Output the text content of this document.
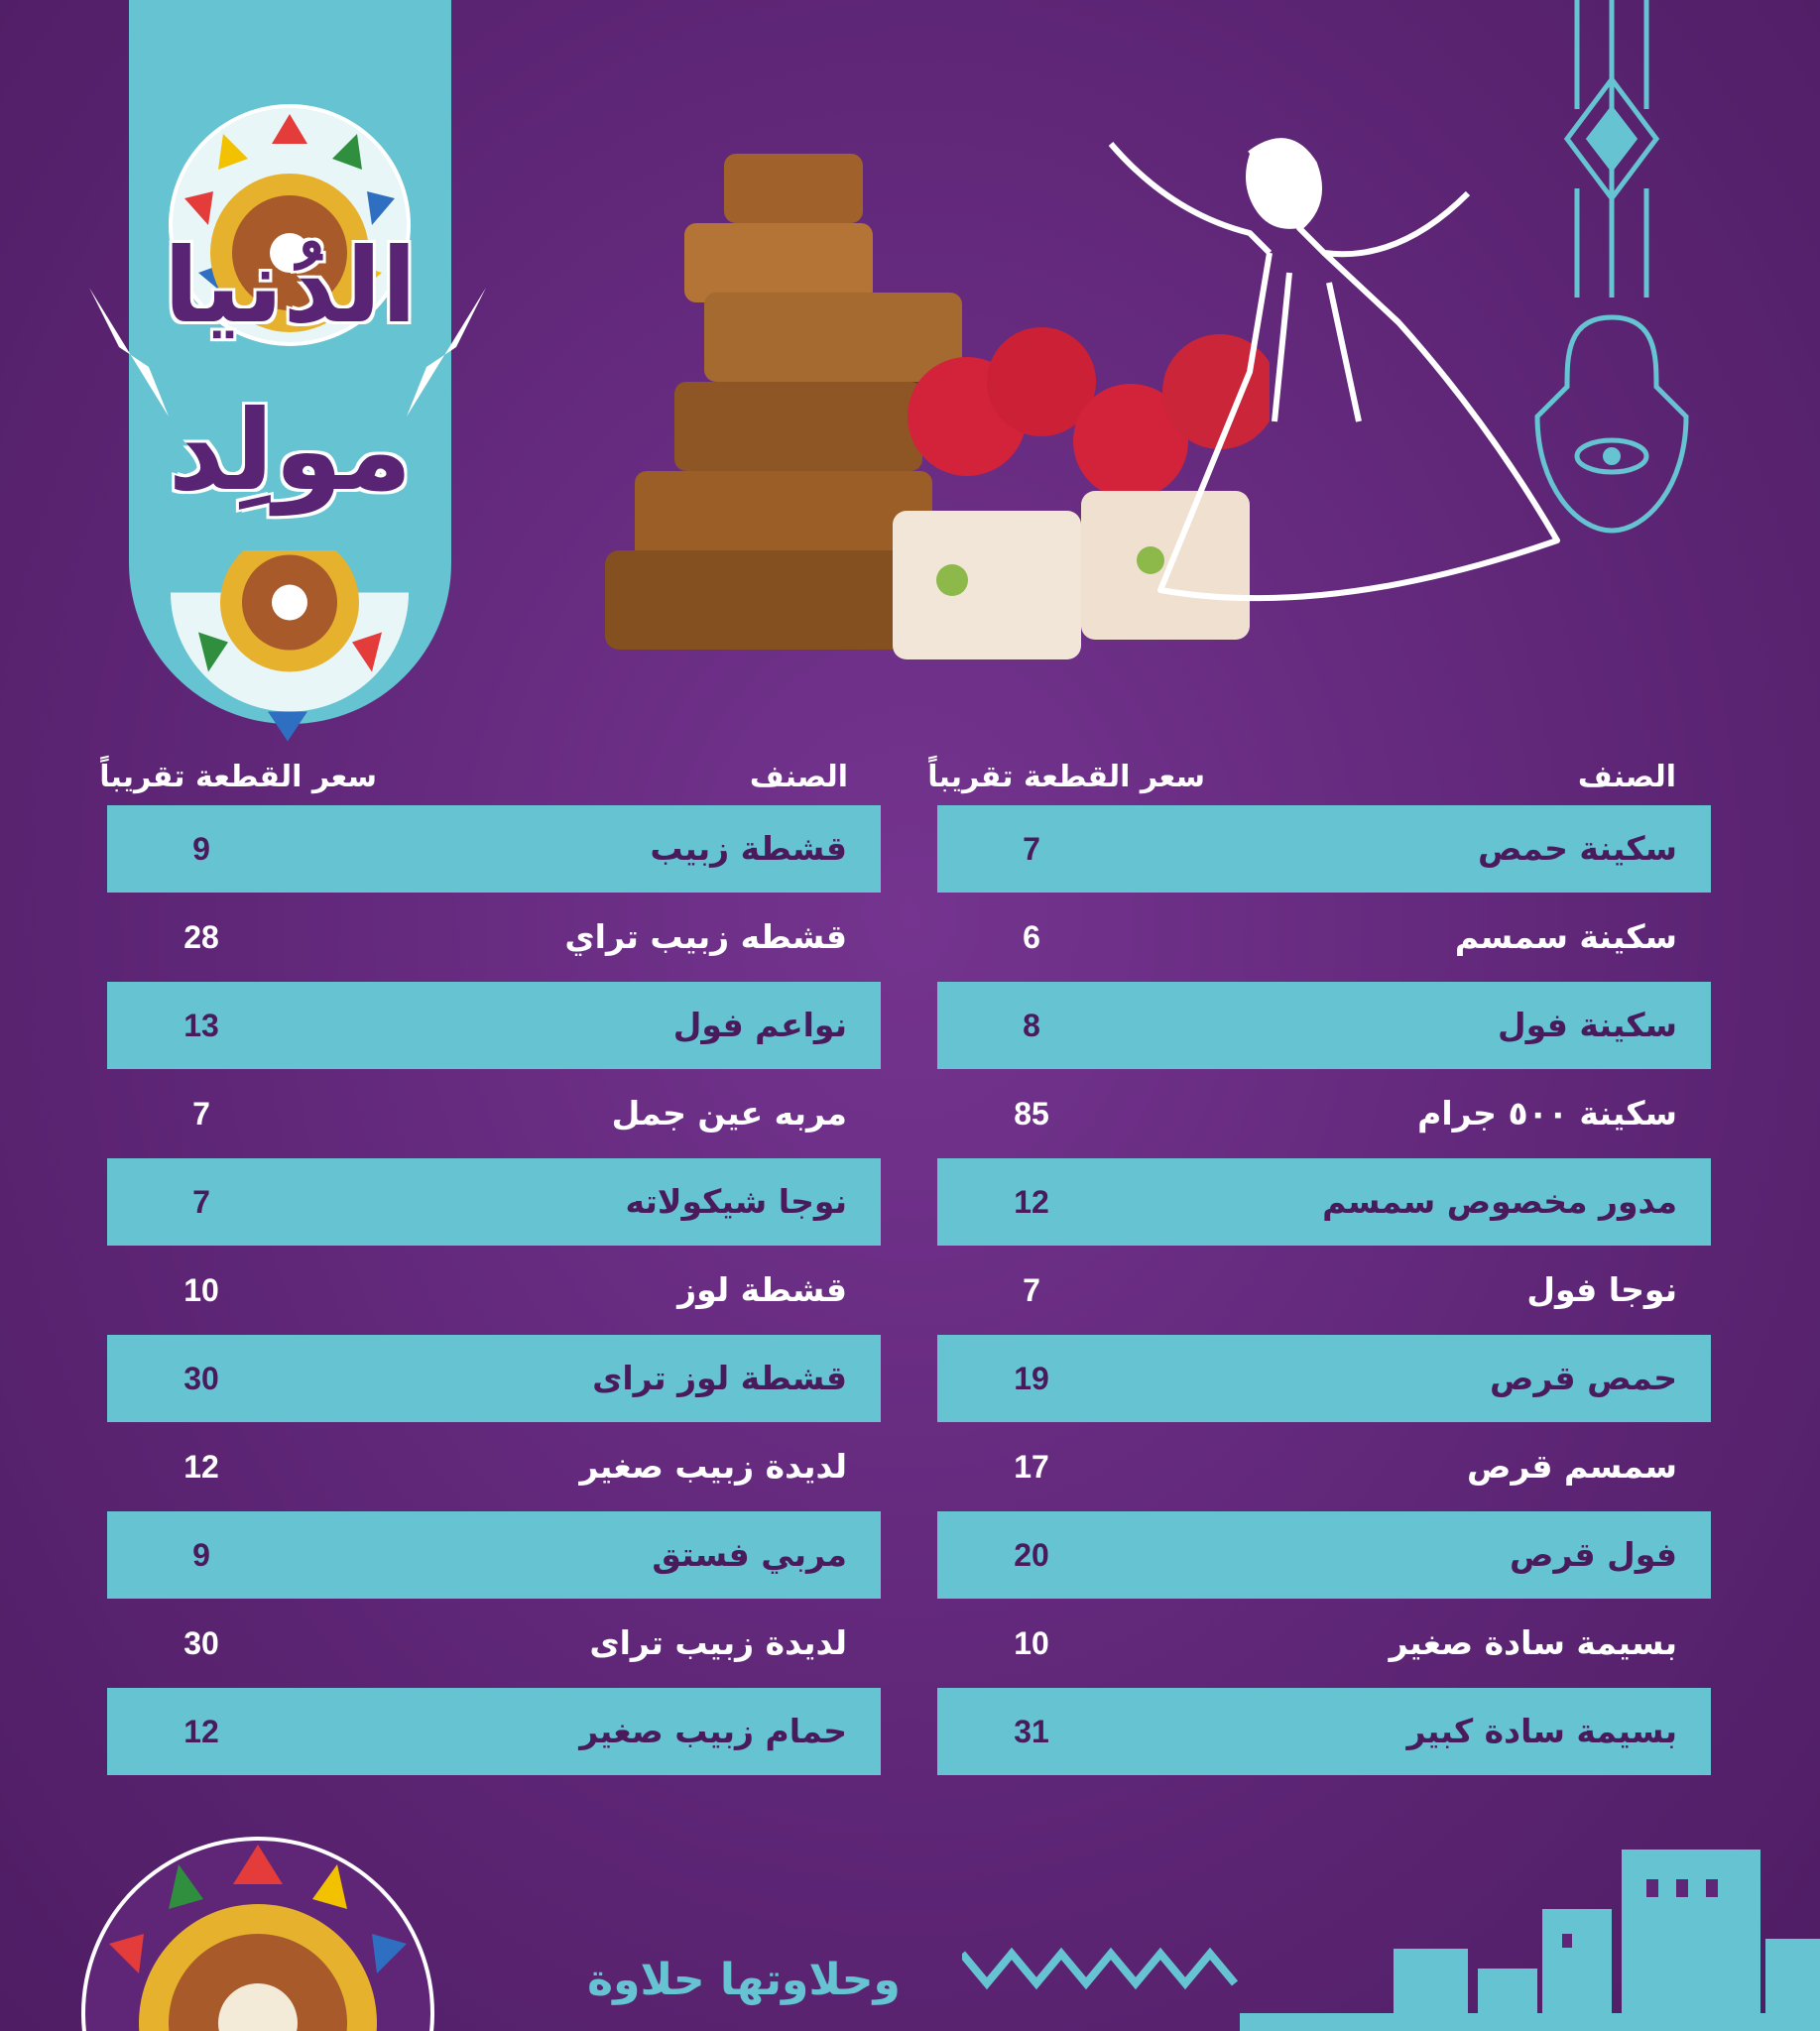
الدُنيا
مولِد
الصنف
سعر القطعة تقريباً
الصنف
سعر القطعة تقريباً
سكينة حمص
7
سكينة سمسم
6
سكينة فول
8
سكينة ٥٠٠ جرام
85
مدور مخصوص سمسم
12
نوجا فول
7
حمص قرص
19
سمسم قرص
17
فول قرص
20
بسيمة سادة صغير
10
بسيمة سادة كبير
31
قشطة زبيب
9
قشطه زبيب تراي
28
نواعم فول
13
مربه عين جمل
7
نوجا شيكولاته
7
قشطة لوز
10
قشطة لوز تراى
30
لديدة زبيب صغير
12
مربي فستق
9
لديدة زبيب تراى
30
حمام زبيب صغير
12
وحلاوتها حلاوة
